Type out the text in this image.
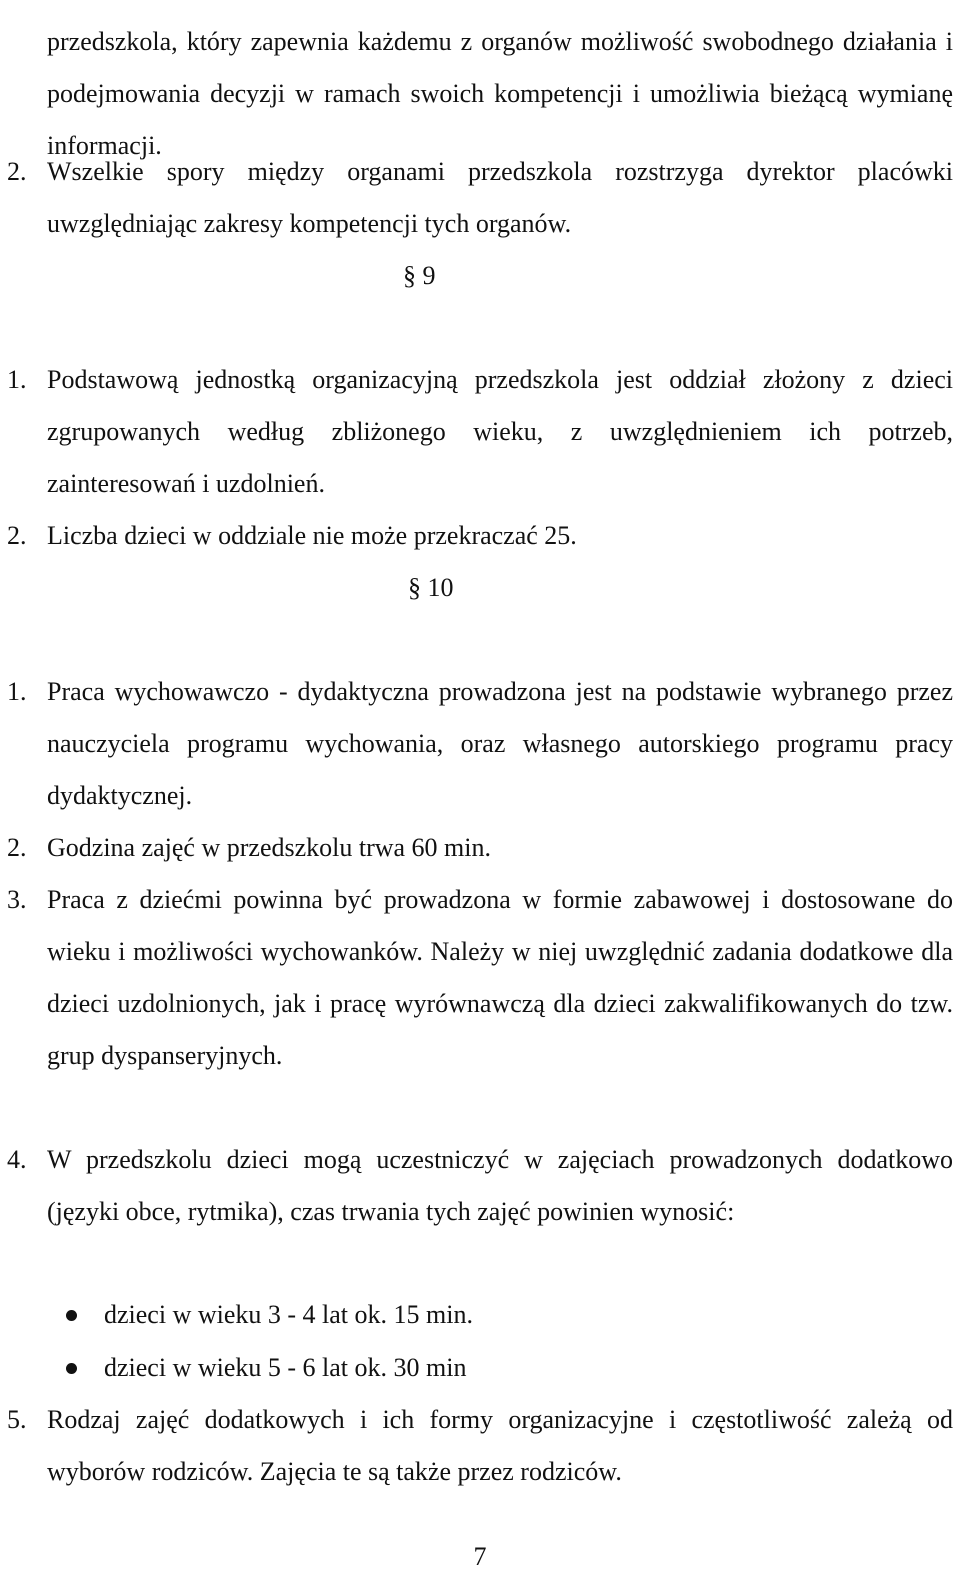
przedszkola, który zapewnia każdemu z organów możliwość swobodnego działania i podejmowania decyzji w ramach swoich kompetencji i umożliwia bieżącą wymianę informacji.
2. Wszelkie spory między organami przedszkola rozstrzyga dyrektor placówki uwzględniając zakresy kompetencji tych organów.
§ 9
1. Podstawową jednostką organizacyjną przedszkola jest oddział złożony z dzieci zgrupowanych według zbliżonego wieku, z uwzględnieniem ich potrzeb, zainteresowań i uzdolnień.
2. Liczba dzieci w oddziale nie może przekraczać 25.
§ 10
1. Praca wychowawczo - dydaktyczna prowadzona jest na podstawie wybranego przez nauczyciela programu wychowania, oraz własnego autorskiego programu pracy dydaktycznej.
2. Godzina zajęć w przedszkolu trwa 60 min.
3. Praca z dziećmi powinna być prowadzona w formie zabawowej i dostosowane do wieku i możliwości wychowanków. Należy w niej uwzględnić zadania dodatkowe dla dzieci uzdolnionych, jak i pracę wyrównawczą dla dzieci zakwalifikowanych do tzw. grup dyspanseryjnych.
4. W przedszkolu dzieci mogą uczestniczyć w zajęciach prowadzonych dodatkowo (języki obce, rytmika), czas trwania tych zajęć powinien wynosić:
dzieci w wieku 3 - 4 lat ok. 15 min.
dzieci w wieku 5 - 6 lat ok. 30 min
5. Rodzaj zajęć dodatkowych i ich formy organizacyjne i częstotliwość zależą od wyborów rodziców. Zajęcia te są także przez rodziców.
7
